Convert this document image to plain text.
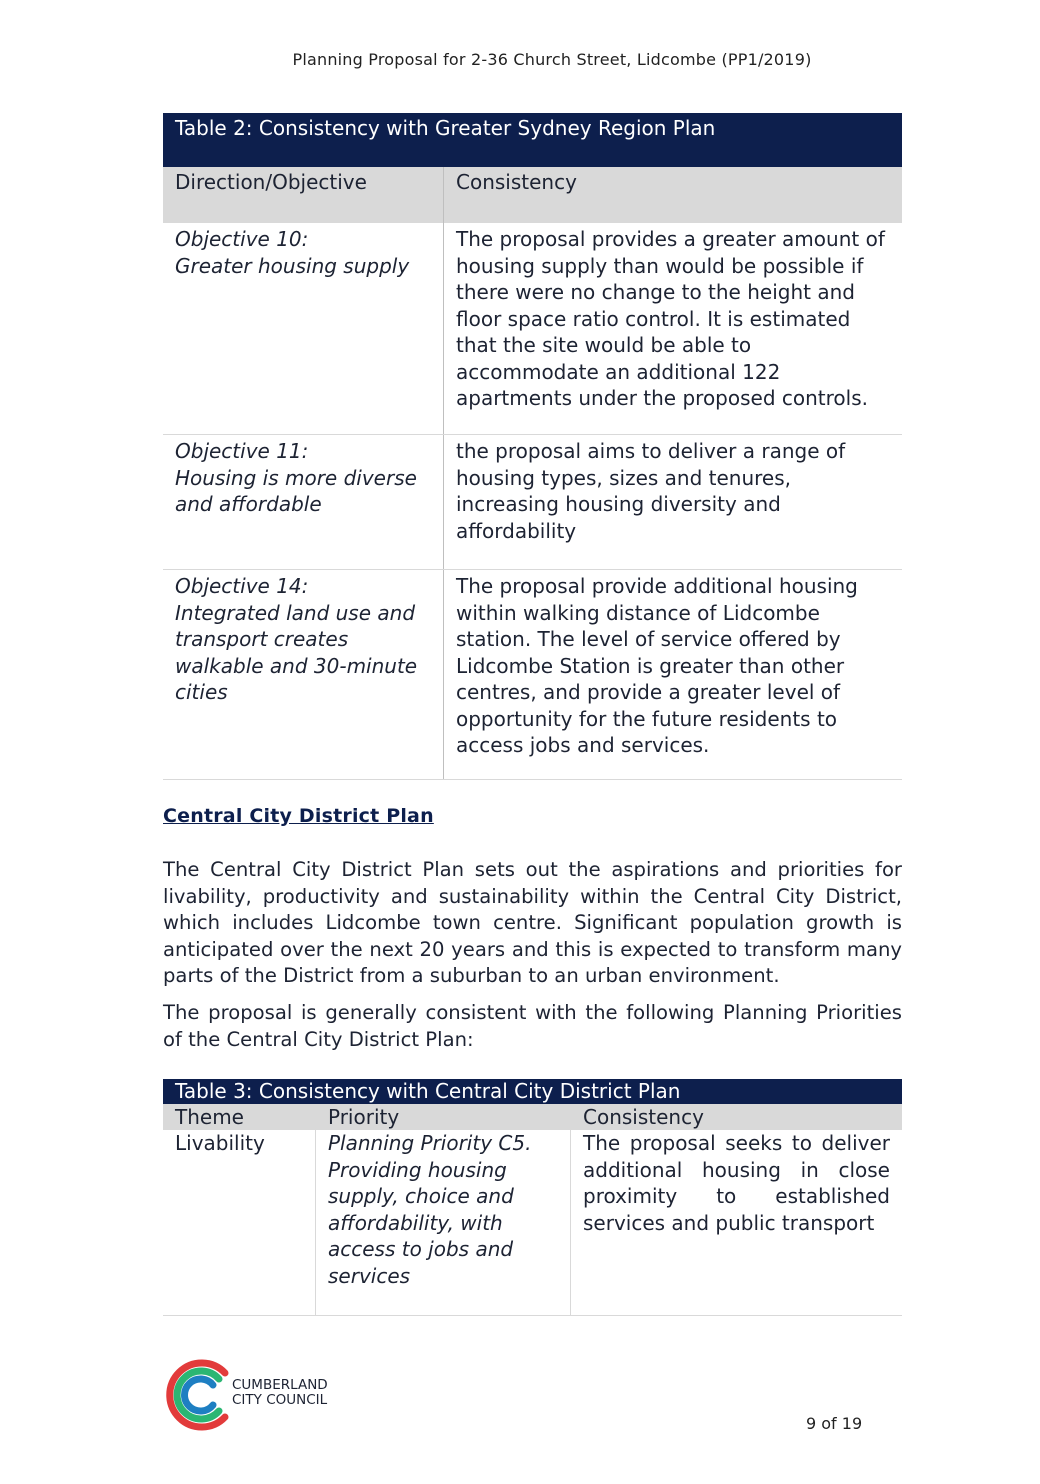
Planning Proposal for 2-36 Church Street, Lidcombe (PP1/2019)
Table 2: Consistency with Greater Sydney Region Plan	
Direction/Objective	Consistency
Objective 10:
Greater housing supply	The proposal provides a greater amount of housing supply than would be possible if there were no change to the height and floor space ratio control. It is estimated that the site would be able to accommodate an additional 122 apartments under the proposed controls.
Objective 11:
Housing is more diverse and affordable	the proposal aims to deliver a range of housing types, sizes and tenures, increasing housing diversity and affordability
Objective 14:
Integrated land use and transport creates walkable and 30-minute cities	The proposal provide additional housing within walking distance of Lidcombe station. The level of service offered by Lidcombe Station is greater than other centres, and provide a greater level of opportunity for the future residents to access jobs and services.
Central City District Plan

The Central City District Plan sets out the aspirations and priorities for livability, productivity and sustainability within the Central City District, which includes Lidcombe town centre. Significant population growth is anticipated over the next 20 years and this is expected to transform many parts of the District from a suburban to an urban environment.

The proposal is generally consistent with the following Planning Priorities of the Central City District Plan:

Table 3: Consistency with Central City District Plan		
Theme	Priority	Consistency
Livability	Planning Priority C5. Providing housing supply, choice and affordability, with access to jobs and services	The proposal seeks to deliver additional housing in close proximity to established services and public transport
CUMBERLAND
CITY COUNCIL
9 of 19
